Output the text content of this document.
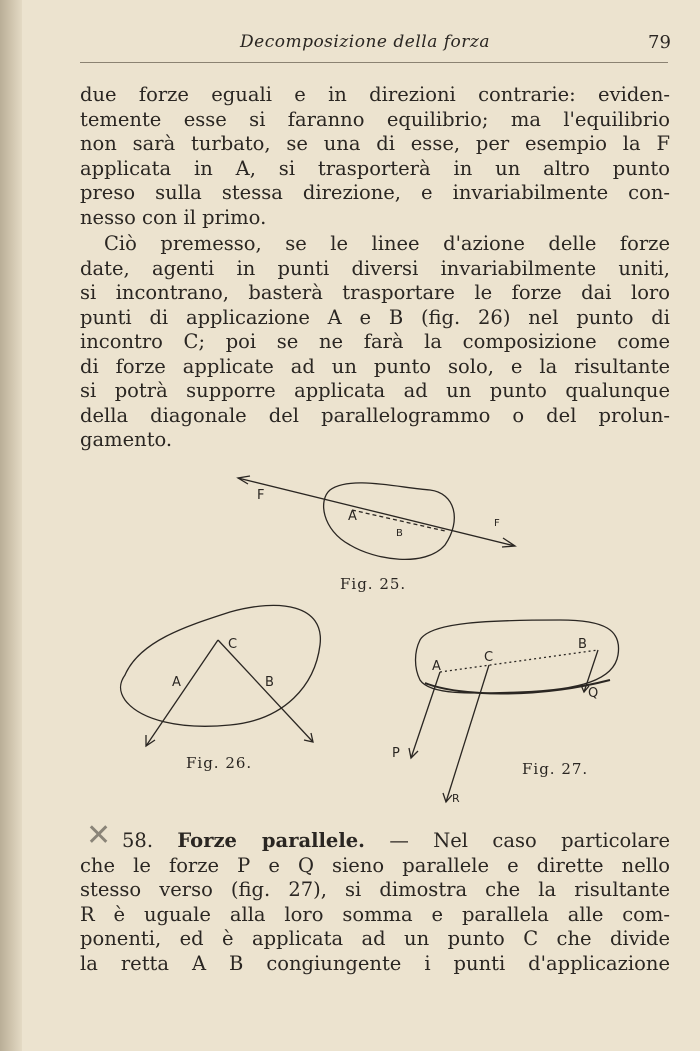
Decomposizione della forza	79
due forze eguali e in direzioni contrarie: eviden-
temente esse si faranno equilibrio; ma l'equilibrio
non sarà turbato, se una di esse, per esempio la F
applicata in A, si trasporterà in un altro punto
preso sulla stessa direzione, e invariabilmente con-
nesso con il primo.
Ciò premesso, se le linee d'azione delle forze
date, agenti in punti diversi invariabilmente uniti,
si incontrano, basterà trasportare le forze dai loro
punti di applicazione A e B (fig. 26) nel punto di
incontro C; poi se ne farà la composizione come
di forze applicate ad un punto solo, e la risultante
si potrà supporre applicata ad un punto qualunque
della diagonale del parallelogrammo o del prolun-
gamento.
F
A
B
F
Fig. 25.
C
A	B
Fig. 26.
A
C
B
Q
P
R
Fig. 27.
✕ 58. Forze parallele. — Nel caso particolare
che le forze P e Q sieno parallele e dirette nello
stesso verso (fig. 27), si dimostra che la risultante
R è uguale alla loro somma e parallela alle com-
ponenti, ed è applicata ad un punto C che divide
la retta A B congiungente i punti d'applicazione
